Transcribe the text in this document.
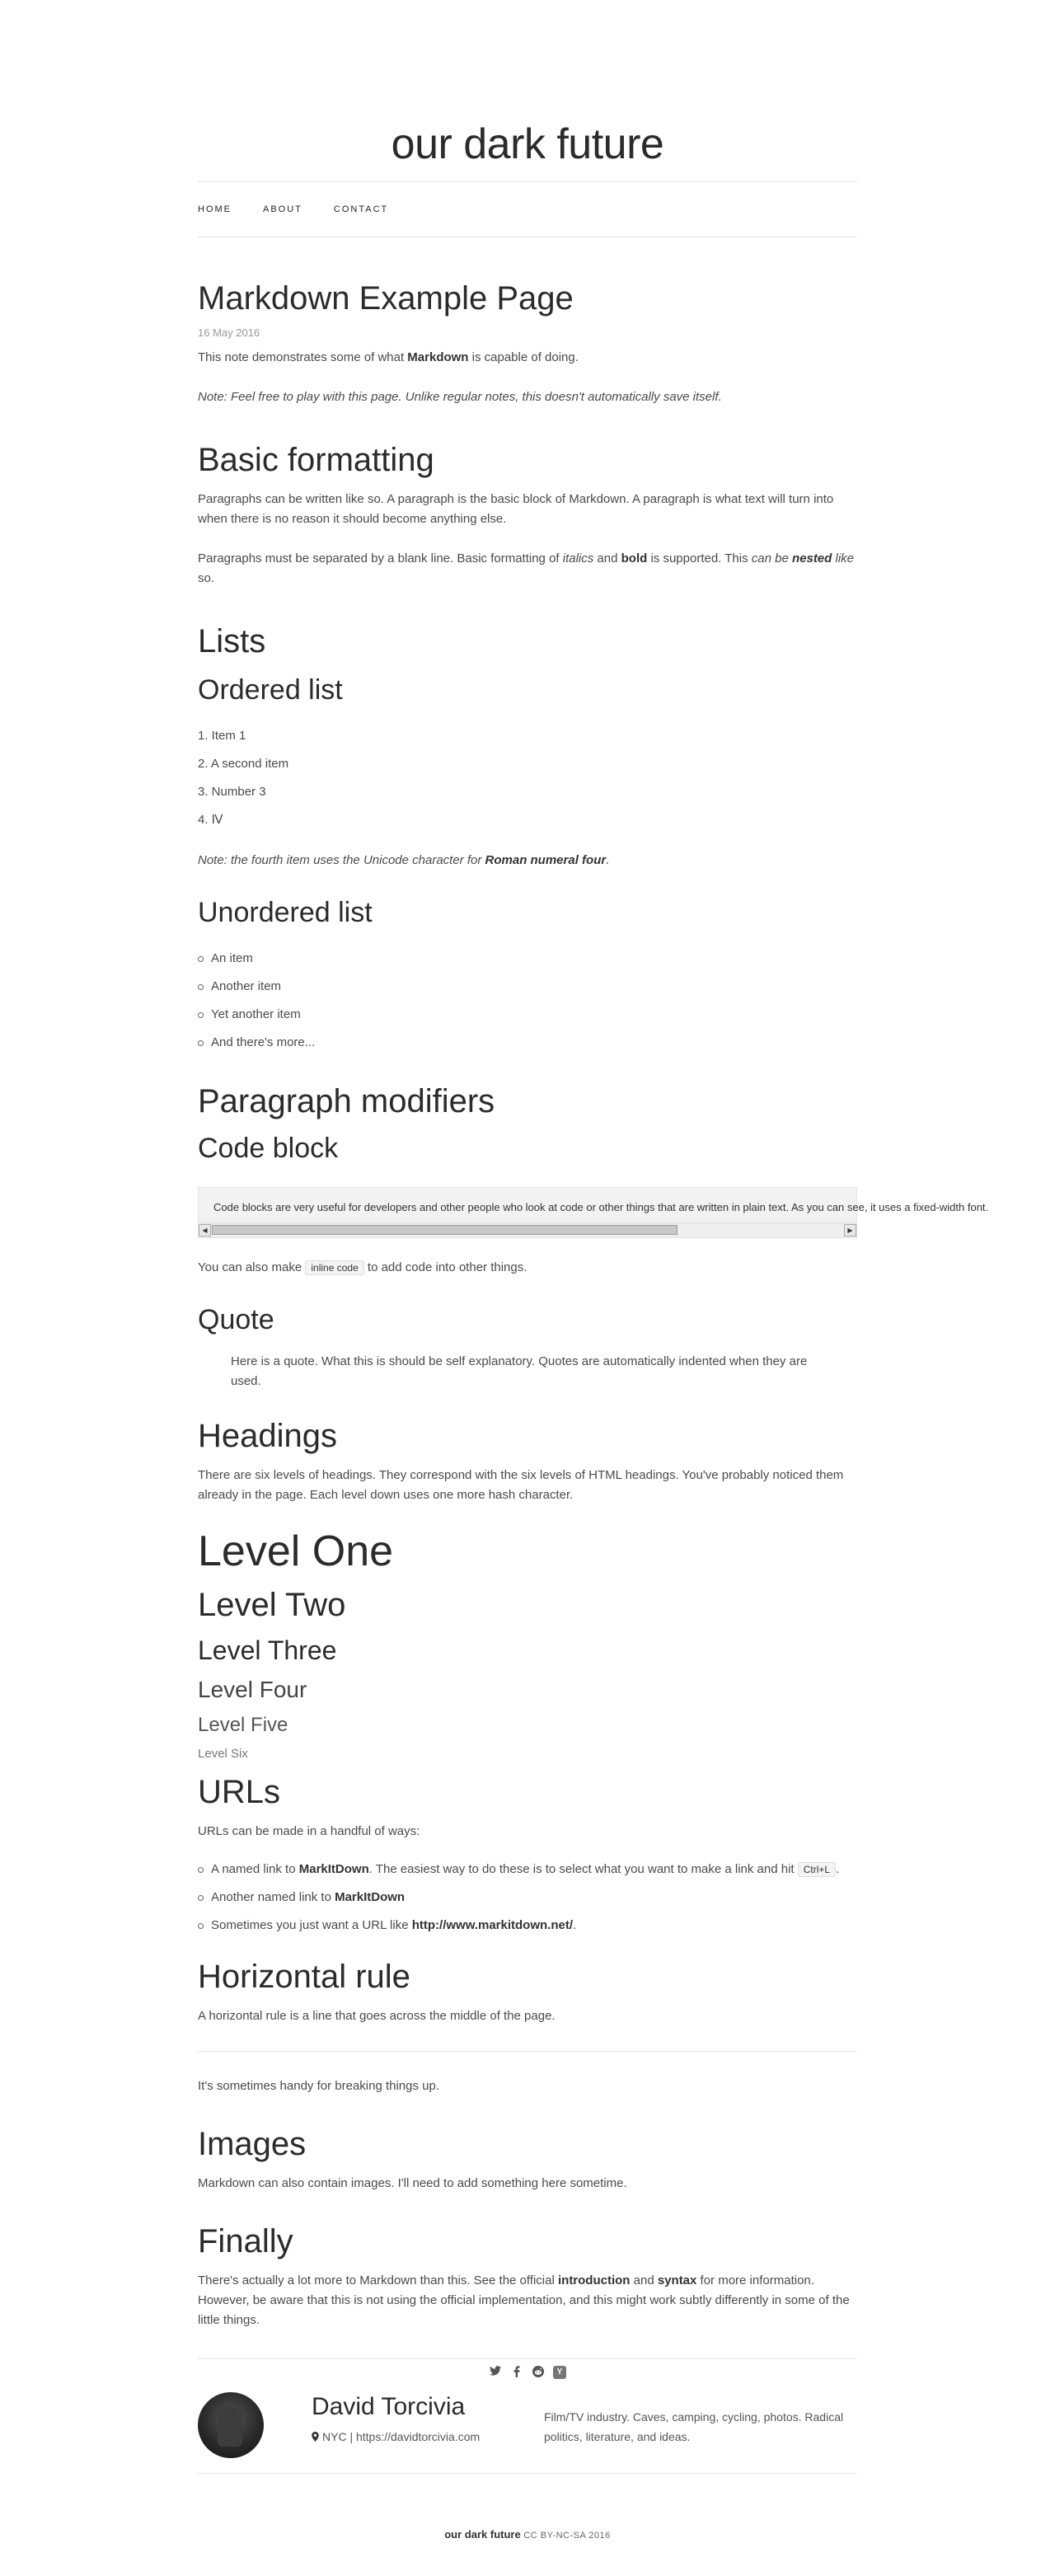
our dark future
HOME	ABOUT	CONTACT
Markdown Example Page
16 May 2016

This note demonstrates some of what Markdown is capable of doing.

Note: Feel free to play with this page. Unlike regular notes, this doesn't automatically save itself.

Basic formatting

Paragraphs can be written like so. A paragraph is the basic block of Markdown. A paragraph is what text will turn into when there is no reason it should become anything else.

Paragraphs must be separated by a blank line. Basic formatting of italics and bold is supported. This can be nested like so.

Lists
Ordered list
1. Item 1
2. A second item
3. Number 3
4. Ⅳ

Note: the fourth item uses the Unicode character for Roman numeral four.

Unordered list
An item
Another item
Yet another item
And there's more...
Paragraph modifiers
Code block
Code blocks are very useful for developers and other people who look at code or other things that are written in plain text. As you can see, it uses a fixed-width font.
◀	▶

You can also make inline code to add code into other things.

Quote

Here is a quote. What this is should be self explanatory. Quotes are automatically indented when they are used.

Headings

There are six levels of headings. They correspond with the six levels of HTML headings. You've probably noticed them already in the page. Each level down uses one more hash character.

Level One
Level Two
Level Three
Level Four
Level Five
Level Six
URLs

URLs can be made in a handful of ways:

A named link to MarkItDown. The easiest way to do these is to select what you want to make a link and hit Ctrl+L .
Another named link to MarkItDown
Sometimes you just want a URL like http://www.markitdown.net/.
Horizontal rule

A horizontal rule is a line that goes across the middle of the page.

It's sometimes handy for breaking things up.

Images

Markdown can also contain images. I'll need to add something here sometime.

Finally

There's actually a lot more to Markdown than this. See the official introduction and syntax for more information. However, be aware that this is not using the official implementation, and this might work subtly differently in some of the little things.

Y
David Torcivia
NYC | https://davidtorcivia.com
Film/TV industry. Caves, camping, cycling, photos. Radical politics, literature, and ideas.
our dark future CC BY-NC-SA 2016
